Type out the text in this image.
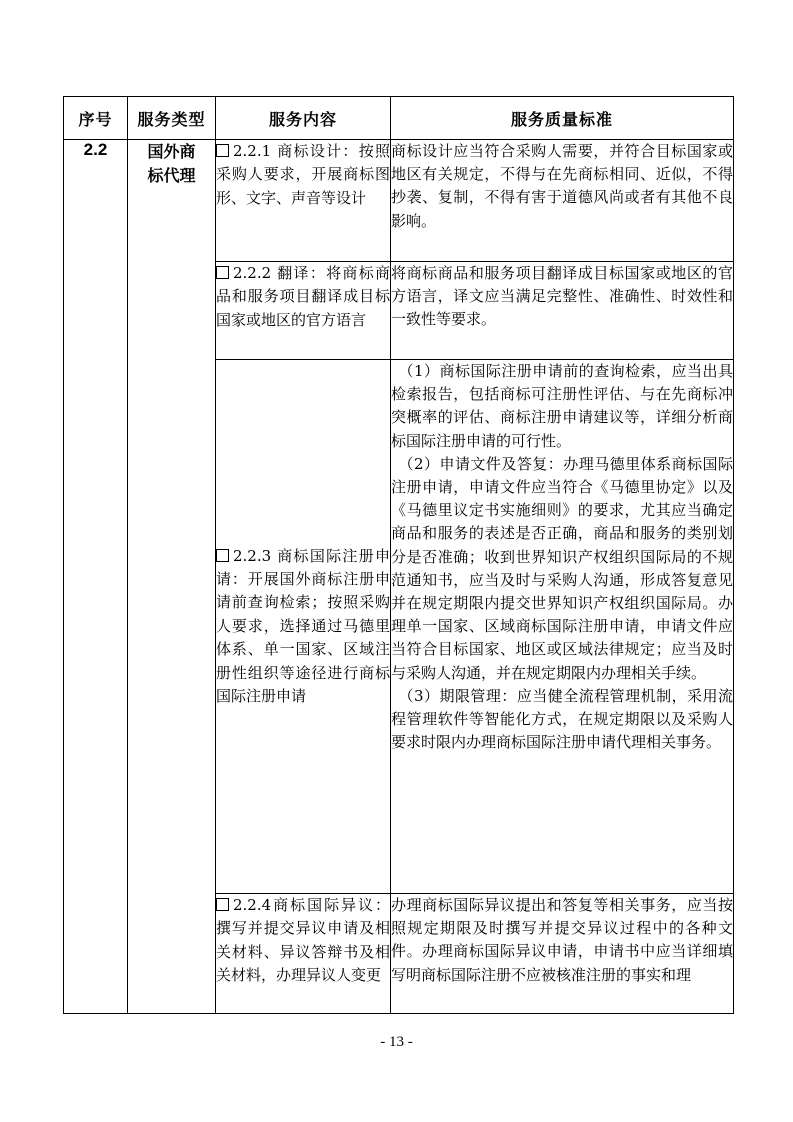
序号	服务类型	服务内容	服务质量标准
2.2	国外商标代理	2.2.1 商标设计：按照采购人要求，开展商标图形、文字、声音等设计	商标设计应当符合采购人需要，并符合目标国家或地区有关规定，不得与在先商标相同、近似，不得抄袭、复制，不得有害于道德风尚或者有其他不良影响。

		2.2.2 翻译：将商标商品和服务项目翻译成目标国家或地区的官方语言	将商标商品和服务项目翻译成目标国家或地区的官方语言，译文应当满足完整性、准确性、时效性和一致性等要求。

		2.2.3 商标国际注册申请：开展国外商标注册申请前查询检索；按照采购人要求，选择通过马德里体系、单一国家、区域注册性组织等途径进行商标国际注册申请	（1）商标国际注册申请前的查询检索，应当出具检索报告，包括商标可注册性评估、与在先商标冲突概率的评估、商标注册申请建议等，详细分析商标国际注册申请的可行性。
（2）申请文件及答复：办理马德里体系商标国际注册申请，申请文件应当符合《马德里协定》以及《马德里议定书实施细则》的要求，尤其应当确定商品和服务的表述是否正确，商品和服务的类别划分是否准确；收到世界知识产权组织国际局的不规范通知书，应当及时与采购人沟通，形成答复意见并在规定期限内提交世界知识产权组织国际局。办理单一国家、区域商标国际注册申请，申请文件应当符合目标国家、地区或区域法律规定；应当及时与采购人沟通，并在规定期限内办理相关手续。
（3）期限管理：应当健全流程管理机制，采用流程管理软件等智能化方式，在规定期限以及采购人要求时限内办理商标国际注册申请代理相关事务。

		2.2.4商标国际异议：撰写并提交异议申请及相关材料、异议答辩书及相关材料，办理异议人变更	办理商标国际异议提出和答复等相关事务，应当按照规定期限及时撰写并提交异议过程中的各种文件。办理商标国际异议申请，申请书中应当详细填写明商标国际注册不应被核准注册的事实和理
- 13 -
